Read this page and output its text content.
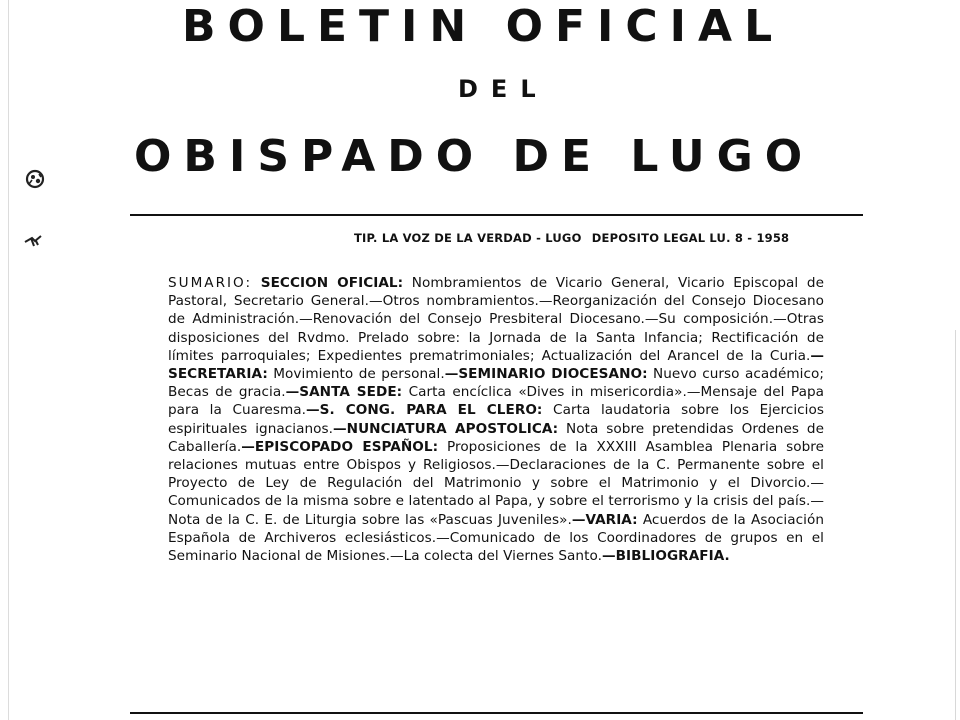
BOLETIN OFICIAL
DEL
OBISPADO DE LUGO
TIP. LA VOZ DE LA VERDAD - LUGO DEPOSITO LEGAL LU. 8 - 1958
SUMARIO: SECCION OFICIAL: Nombramientos de Vicario General, Vicario Episcopal de Pastoral, Secretario General.—Otros nombramientos.—Reorganización del Consejo Diocesano de Administración.—Renovación del Consejo Presbiteral Diocesano.—Su composición.—Otras disposiciones del Rvdmo. Prelado sobre: la Jornada de la Santa Infancia; Rectificación de límites parroquiales; Expedientes prematrimoniales; Actualización del Arancel de la Curia.—SECRETARIA: Movimiento de personal.—SEMINARIO DIOCESANO: Nuevo curso académico; Becas de gracia.—SANTA SEDE: Carta encíclica «Dives in misericordia».—Mensaje del Papa para la Cuaresma.—S. CONG. PARA EL CLERO: Carta laudatoria sobre los Ejercicios espirituales ignacianos.—NUNCIATURA APOSTOLICA: Nota sobre pretendidas Ordenes de Caballería.—EPISCOPADO ESPAÑOL: Proposiciones de la XXXIII Asamblea Plenaria sobre relaciones mutuas entre Obispos y Religiosos.—Declaraciones de la C. Permanente sobre el Proyecto de Ley de Regulación del Matrimonio y sobre el Matrimonio y el Divorcio.—Comunicados de la misma sobre e latentado al Papa, y sobre el terrorismo y la crisis del país.—Nota de la C. E. de Liturgia sobre las «Pascuas Juveniles».—VARIA: Acuerdos de la Asociación Española de Archiveros eclesiásticos.—Comunicado de los Coordinadores de grupos en el Seminario Nacional de Misiones.—La colecta del Viernes Santo.—BIBLIOGRAFIA.
